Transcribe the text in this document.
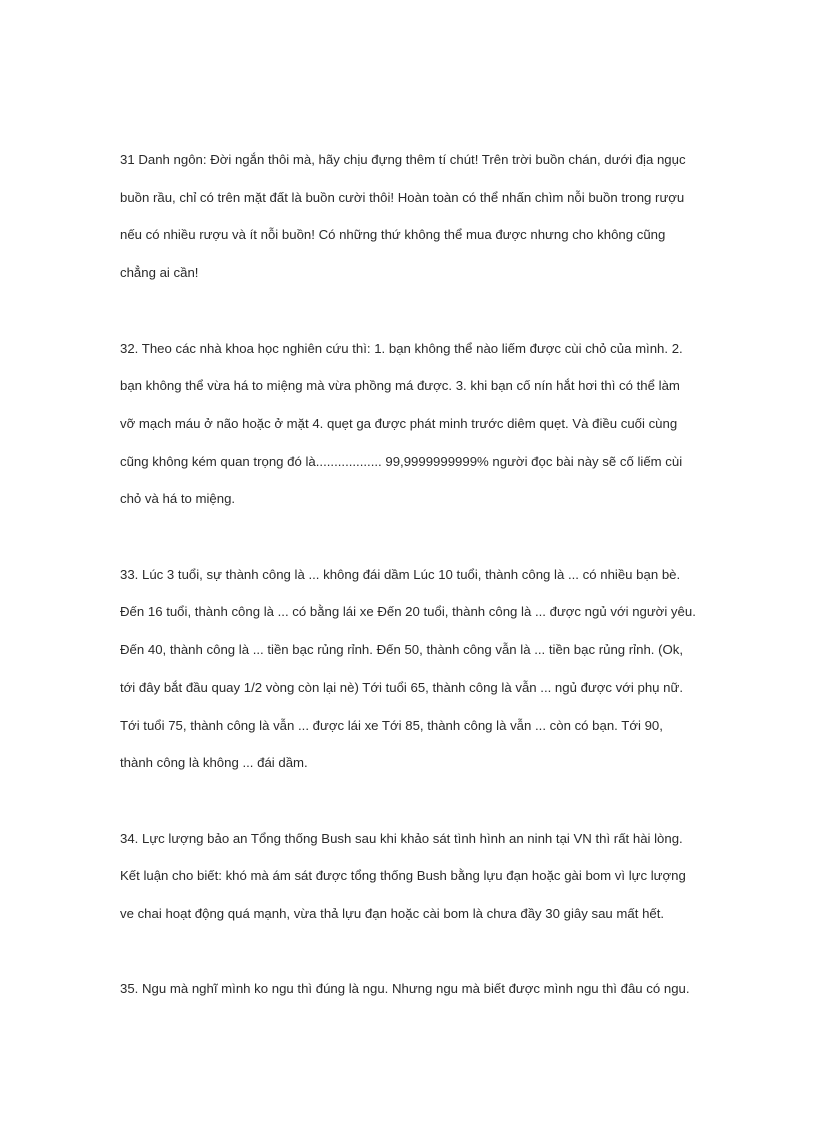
31 Danh ngôn: Đời ngắn thôi mà, hãy chịu đựng thêm tí chút! Trên trời buồn chán, dưới địa ngục
buồn rầu, chỉ có trên mặt đất là buồn cười thôi! Hoàn toàn có thể nhấn chìm nỗi buồn trong rượu
nếu có nhiều rượu và ít nỗi buồn! Có những thứ không thể mua được nhưng cho không cũng
chẳng ai cần!

32. Theo các nhà khoa học nghiên cứu thì: 1. bạn không thể nào liếm được cùi chỏ của mình. 2.
bạn không thể vừa há to miệng mà vừa phồng má được. 3. khi bạn cố nín hắt hơi thì có thể làm
vỡ mạch máu ở não hoặc ở mặt 4. quẹt ga được phát minh trước diêm quẹt. Và điều cuối cùng
cũng không kém quan trọng đó là.................. 99,9999999999% người đọc bài này sẽ cố liếm cùi
chỏ và há to miệng.

33. Lúc 3 tuổi, sự thành công là ... không đái dầm Lúc 10 tuổi, thành công là ... có nhiều bạn bè.
Đến 16 tuổi, thành công là ... có bằng lái xe Đến 20 tuổi, thành công là ... được ngủ với người yêu.
Đến 40, thành công là ... tiền bạc rủng rỉnh. Đến 50, thành công vẫn là ... tiền bạc rủng rỉnh. (Ok,
tới đây bắt đầu quay 1/2 vòng còn lại nè) Tới tuổi 65, thành công là vẫn ... ngủ được với phụ nữ.
Tới tuổi 75, thành công là vẫn ... được lái xe Tới 85, thành công là vẫn ... còn có bạn. Tới 90,
thành công là không ... đái dầm.

34. Lực lượng bảo an Tổng thống Bush sau khi khảo sát tình hình an ninh tại VN thì rất hài lòng.
Kết luận cho biết: khó mà ám sát được tổng thống Bush bằng lựu đạn hoặc gài bom vì lực lượng
ve chai hoạt động quá mạnh, vừa thả lựu đạn hoặc cài bom là chưa đầy 30 giây sau mất hết.

35. Ngu mà nghĩ mình ko ngu thì đúng là ngu. Nhưng ngu mà biết được mình ngu thì đâu có ngu.
